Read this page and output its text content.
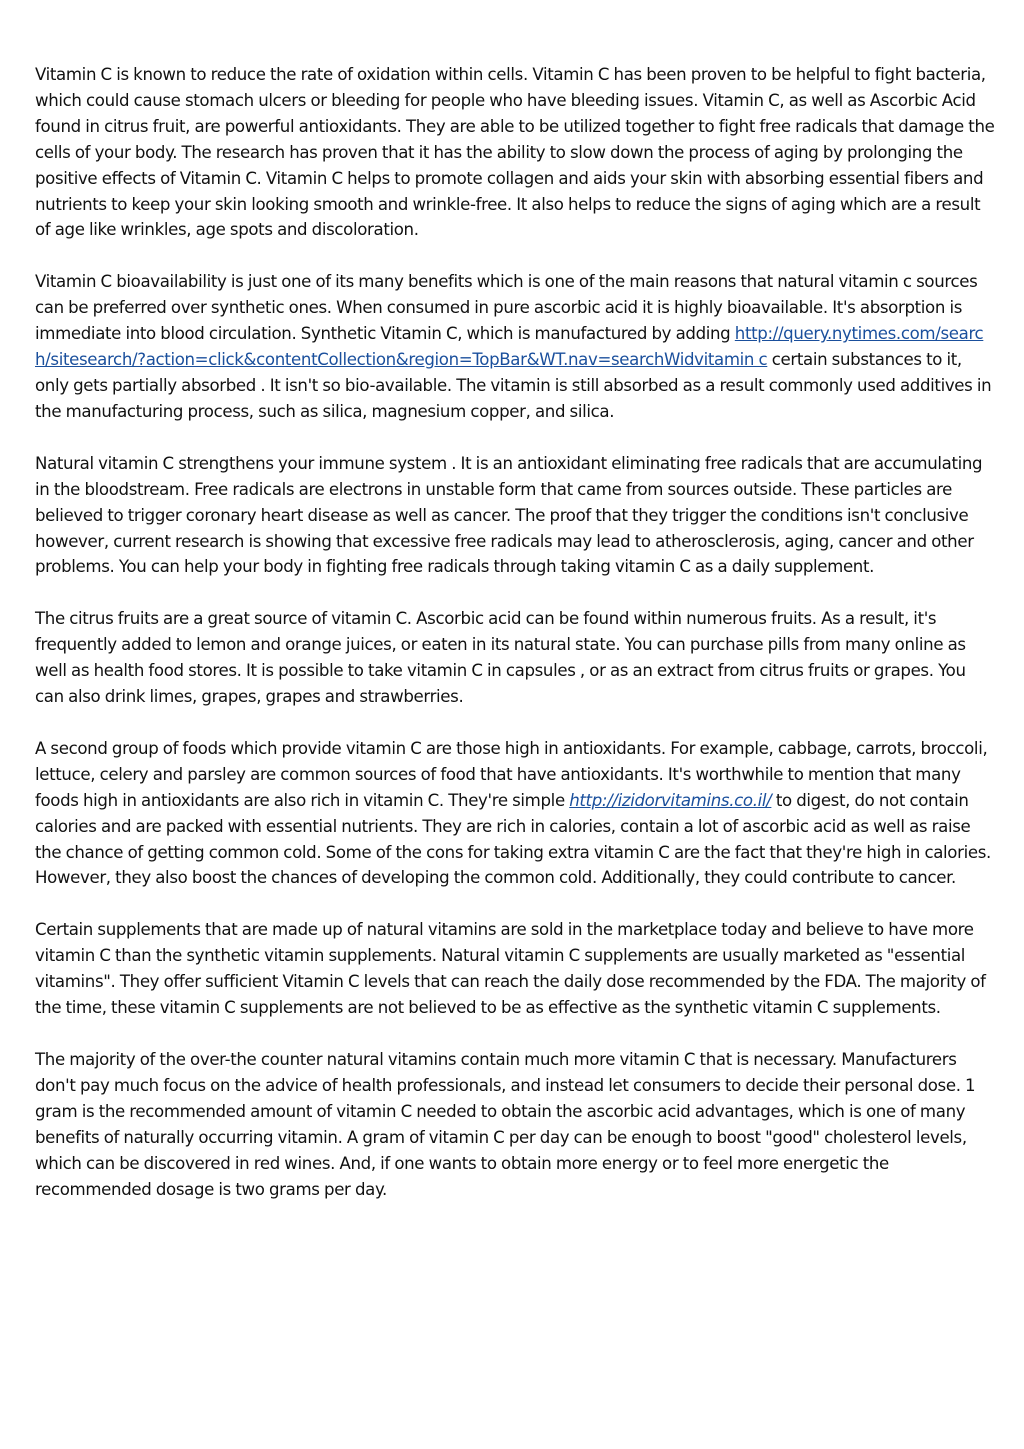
Vitamin C is known to reduce the rate of oxidation within cells. Vitamin C has been proven to be helpful to fight bacteria, which could cause stomach ulcers or bleeding for people who have bleeding issues. Vitamin C, as well as Ascorbic Acid found in citrus fruit, are powerful antioxidants. They are able to be utilized together to fight free radicals that damage the cells of your body. The research has proven that it has the ability to slow down the process of aging by prolonging the positive effects of Vitamin C. Vitamin C helps to promote collagen and aids your skin with absorbing essential fibers and nutrients to keep your skin looking smooth and wrinkle-free. It also helps to reduce the signs of aging which are a result of age like wrinkles, age spots and discoloration.

Vitamin C bioavailability is just one of its many benefits which is one of the main reasons that natural vitamin c sources can be preferred over synthetic ones. When consumed in pure ascorbic acid it is highly bioavailable. It's absorption is immediate into blood circulation. Synthetic Vitamin C, which is manufactured by adding http://query.nytimes.com/search/sitesearch/?action=click&contentCollection&region=TopBar&WT.nav=searchWidvitamin c certain substances to it, only gets partially absorbed . It isn't so bio-available. The vitamin is still absorbed as a result commonly used additives in the manufacturing process, such as silica, magnesium copper, and silica.

Natural vitamin C strengthens your immune system . It is an antioxidant eliminating free radicals that are accumulating in the bloodstream. Free radicals are electrons in unstable form that came from sources outside. These particles are believed to trigger coronary heart disease as well as cancer. The proof that they trigger the conditions isn't conclusive however, current research is showing that excessive free radicals may lead to atherosclerosis, aging, cancer and other problems. You can help your body in fighting free radicals through taking vitamin C as a daily supplement.

The citrus fruits are a great source of vitamin C. Ascorbic acid can be found within numerous fruits. As a result, it's frequently added to lemon and orange juices, or eaten in its natural state. You can purchase pills from many online as well as health food stores. It is possible to take vitamin C in capsules , or as an extract from citrus fruits or grapes. You can also drink limes, grapes, grapes and strawberries.

A second group of foods which provide vitamin C are those high in antioxidants. For example, cabbage, carrots, broccoli, lettuce, celery and parsley are common sources of food that have antioxidants. It's worthwhile to mention that many foods high in antioxidants are also rich in vitamin C. They're simple http://izidorvitamins.co.il/ to digest, do not contain calories and are packed with essential nutrients. They are rich in calories, contain a lot of ascorbic acid as well as raise the chance of getting common cold. Some of the cons for taking extra vitamin C are the fact that they're high in calories. However, they also boost the chances of developing the common cold. Additionally, they could contribute to cancer.

Certain supplements that are made up of natural vitamins are sold in the marketplace today and believe to have more vitamin C than the synthetic vitamin supplements. Natural vitamin C supplements are usually marketed as "essential vitamins". They offer sufficient Vitamin C levels that can reach the daily dose recommended by the FDA. The majority of the time, these vitamin C supplements are not believed to be as effective as the synthetic vitamin C supplements.

The majority of the over-the counter natural vitamins contain much more vitamin C that is necessary. Manufacturers don't pay much focus on the advice of health professionals, and instead let consumers to decide their personal dose. 1 gram is the recommended amount of vitamin C needed to obtain the ascorbic acid advantages, which is one of many benefits of naturally occurring vitamin. A gram of vitamin C per day can be enough to boost "good" cholesterol levels, which can be discovered in red wines. And, if one wants to obtain more energy or to feel more energetic the recommended dosage is two grams per day.
